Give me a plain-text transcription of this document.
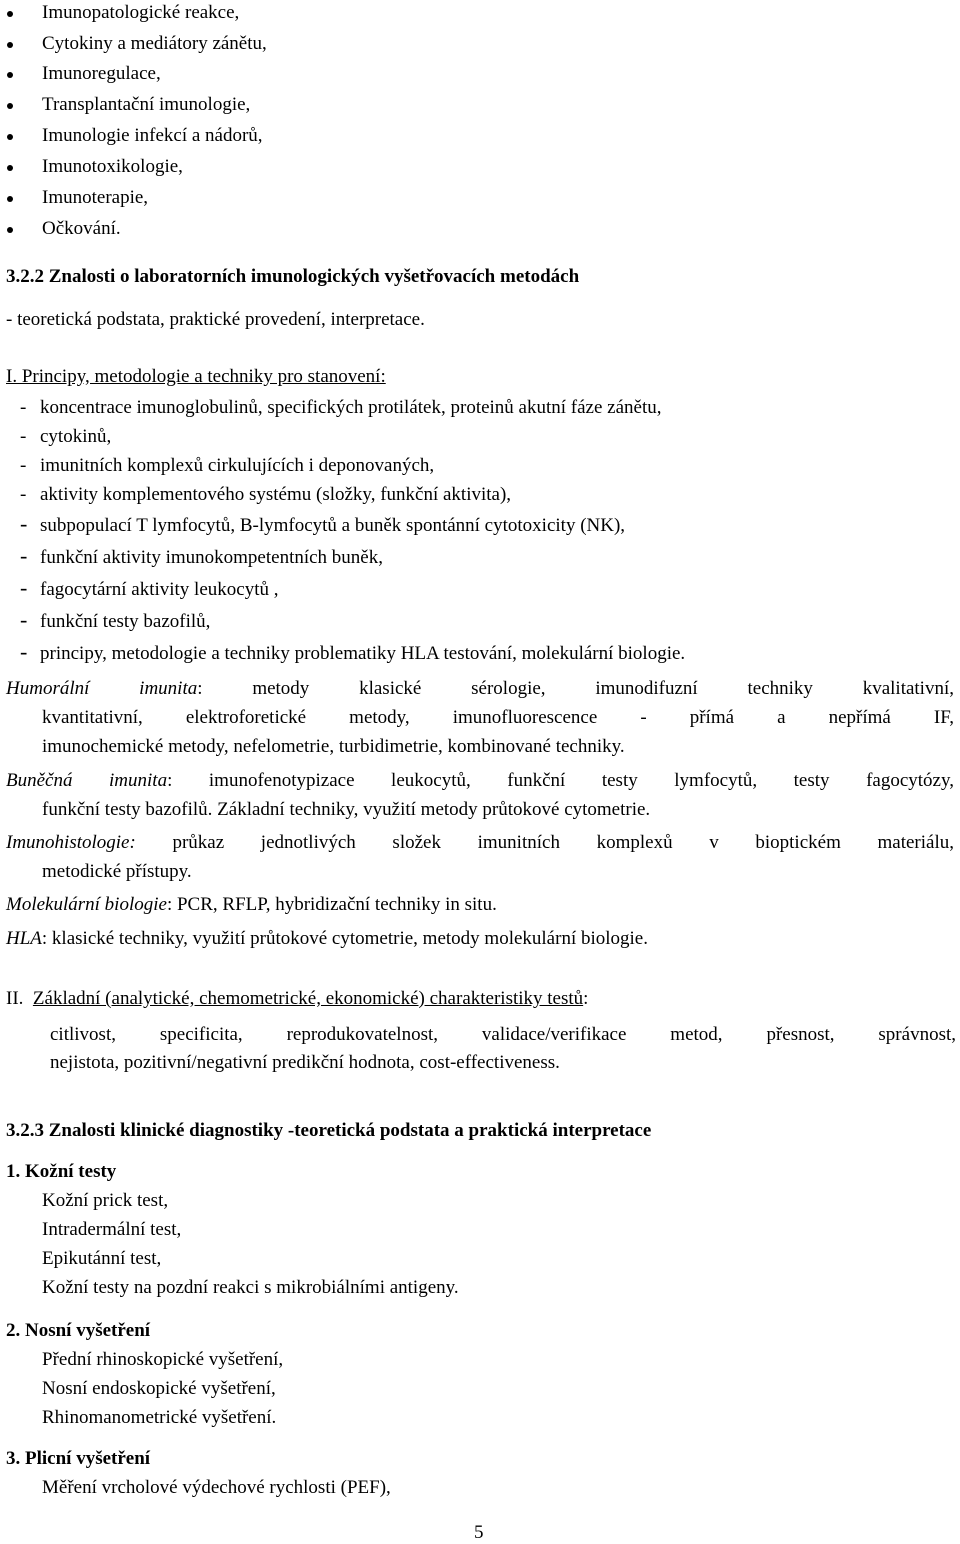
Imunopatologické reakce,
Cytokiny a mediátory zánětu,
Imunoregulace,
Transplantační imunologie,
Imunologie infekcí a nádorů,
Imunotoxikologie,
Imunoterapie,
Očkování.
3.2.2 Znalosti o laboratorních imunologických vyšetřovacích metodách
- teoretická podstata, praktické provedení, interpretace.
I. Principy, metodologie a techniky pro stanovení:
- koncentrace imunoglobulinů, specifických protilátek, proteinů akutní fáze zánětu,
- cytokinů,
- imunitních komplexů cirkulujících i deponovaných,
- aktivity komplementového systému (složky, funkční aktivita),
- subpopulací T lymfocytů, B-lymfocytů a buněk spontánní cytotoxicity (NK),
- funkční aktivity imunokompetentních buněk,
- fagocytární aktivity leukocytů ,
- funkční testy bazofilů,
- principy, metodologie a techniky problematiky HLA testování, molekulární biologie.
Humorální imunita: metody klasické sérologie, imunodifuzní techniky kvalitativní,
kvantitativní, elektroforetické metody, imunofluorescence - přímá a nepřímá IF,
imunochemické metody, nefelometrie, turbidimetrie, kombinované techniky.
Buněčná imunita: imunofenotypizace leukocytů, funkční testy lymfocytů, testy fagocytózy,
funkční testy bazofilů. Základní techniky, využití metody průtokové cytometrie.
Imunohistologie: průkaz jednotlivých složek imunitních komplexů v bioptickém materiálu,
metodické přístupy.
Molekulární biologie: PCR, RFLP, hybridizační techniky in situ.
HLA: klasické techniky, využití průtokové cytometrie, metody molekulární biologie.
II. Základní (analytické, chemometrické, ekonomické) charakteristiky testů:
citlivost, specificita, reprodukovatelnost, validace/verifikace metod, přesnost, správnost,
nejistota, pozitivní/negativní predikční hodnota, cost-effectiveness.
3.2.3 Znalosti klinické diagnostiky -teoretická podstata a praktická interpretace
1. Kožní testy
Kožní prick test,
Intradermální test,
Epikutánní test,
Kožní testy na pozdní reakci s mikrobiálními antigeny.
2. Nosní vyšetření
Přední rhinoskopické vyšetření,
Nosní endoskopické vyšetření,
Rhinomanometrické vyšetření.
3. Plicní vyšetření
Měření vrcholové výdechové rychlosti (PEF),
5
